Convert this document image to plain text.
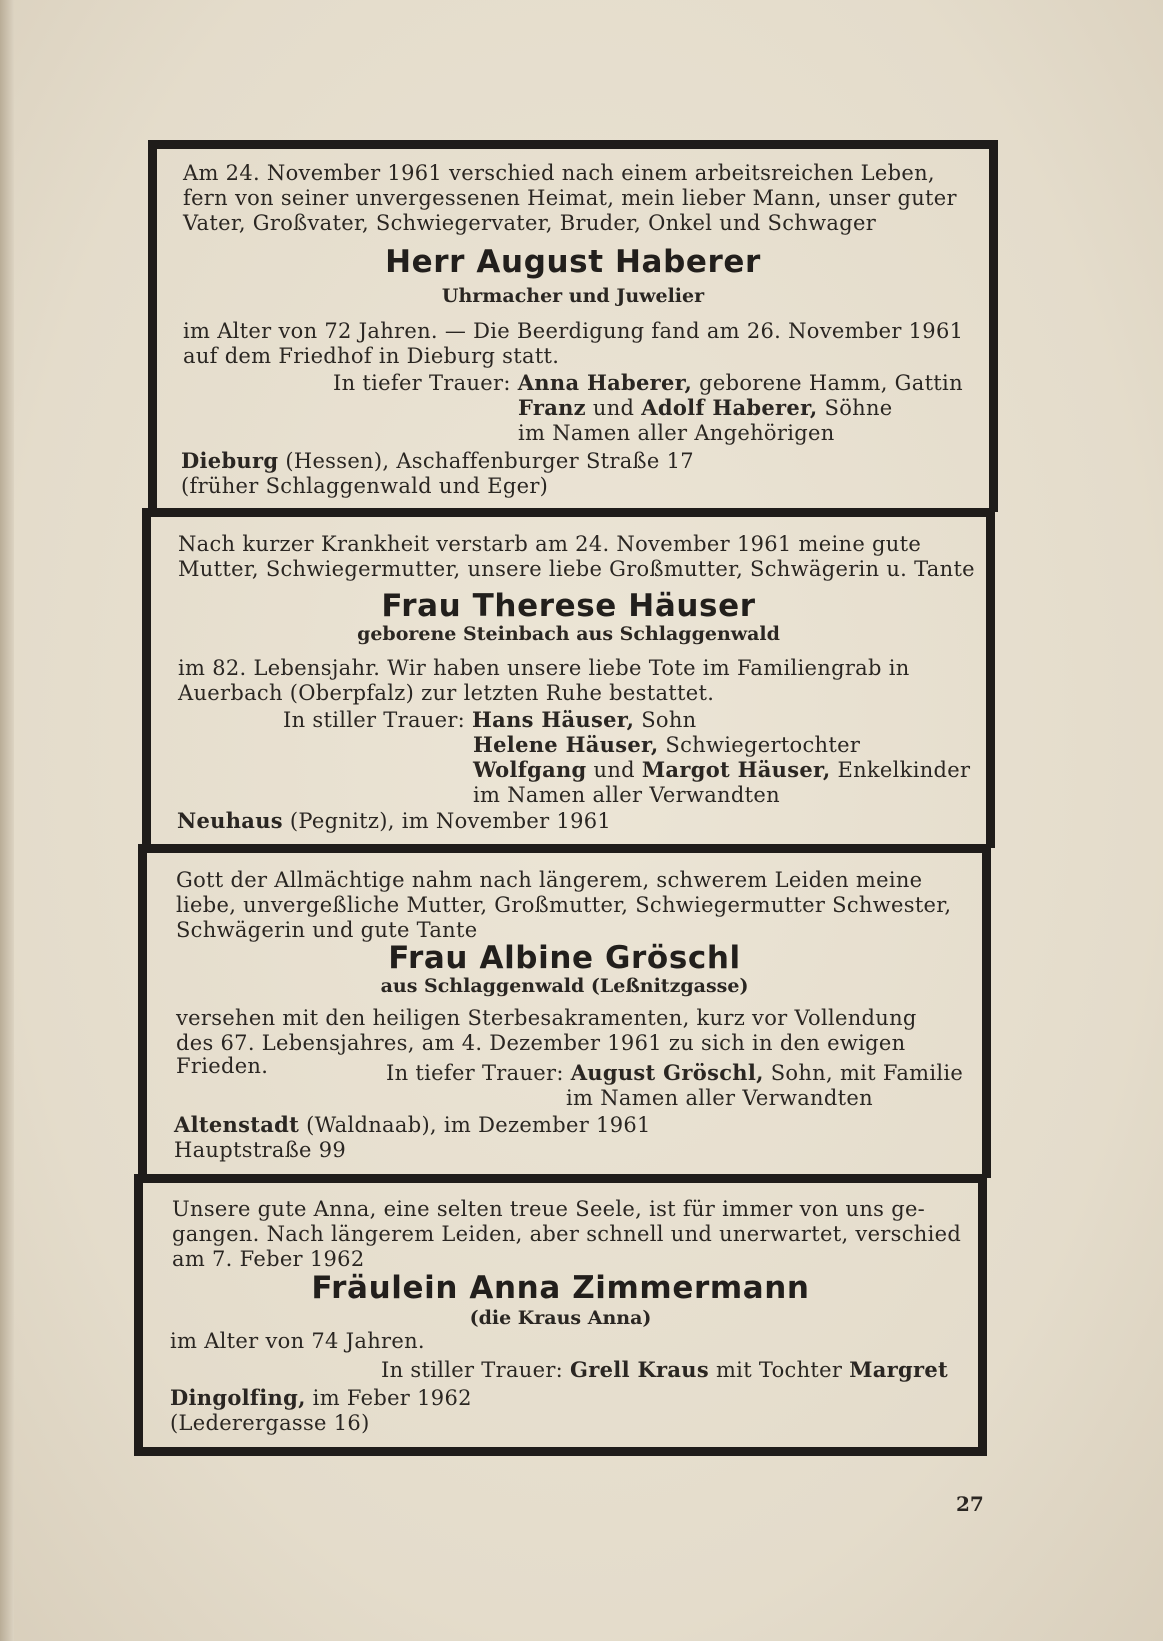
Am 24. November 1961 verschied nach einem arbeitsreichen Leben,
fern von seiner unvergessenen Heimat, mein lieber Mann, unser guter
Vater, Großvater, Schwiegervater, Bruder, Onkel und Schwager
Herr August Haberer
Uhrmacher und Juwelier
im Alter von 72 Jahren. — Die Beerdigung fand am 26. November 1961
auf dem Friedhof in Dieburg statt.
In tiefer Trauer: Anna Haberer, geborene Hamm, Gattin
Franz und Adolf Haberer, Söhne
im Namen aller Angehörigen
Dieburg (Hessen), Aschaffenburger Straße 17
(früher Schlaggenwald und Eger)
Nach kurzer Krankheit verstarb am 24. November 1961 meine gute
Mutter, Schwiegermutter, unsere liebe Großmutter, Schwägerin u. Tante
Frau Therese Häuser
geborene Steinbach aus Schlaggenwald
im 82. Lebensjahr. Wir haben unsere liebe Tote im Familiengrab in
Auerbach (Oberpfalz) zur letzten Ruhe bestattet.
In stiller Trauer: Hans Häuser, Sohn
Helene Häuser, Schwiegertochter
Wolfgang und Margot Häuser, Enkelkinder
im Namen aller Verwandten
Neuhaus (Pegnitz), im November 1961
Gott der Allmächtige nahm nach längerem, schwerem Leiden meine
liebe, unvergeßliche Mutter, Großmutter, Schwiegermutter Schwester,
Schwägerin und gute Tante
Frau Albine Gröschl
aus Schlaggenwald (Leßnitzgasse)
versehen mit den heiligen Sterbesakramenten, kurz vor Vollendung
des 67. Lebensjahres, am 4. Dezember 1961 zu sich in den ewigen
Frieden.	In tiefer Trauer: August Gröschl, Sohn, mit Familie
im Namen aller Verwandten
Altenstadt (Waldnaab), im Dezember 1961
Hauptstraße 99
Unsere gute Anna, eine selten treue Seele, ist für immer von uns ge-
gangen. Nach längerem Leiden, aber schnell und unerwartet, verschied
am 7. Feber 1962
Fräulein Anna Zimmermann
(die Kraus Anna)
im Alter von 74 Jahren.
In stiller Trauer: Grell Kraus mit Tochter Margret
Dingolfing, im Feber 1962
(Lederergasse 16)
27
